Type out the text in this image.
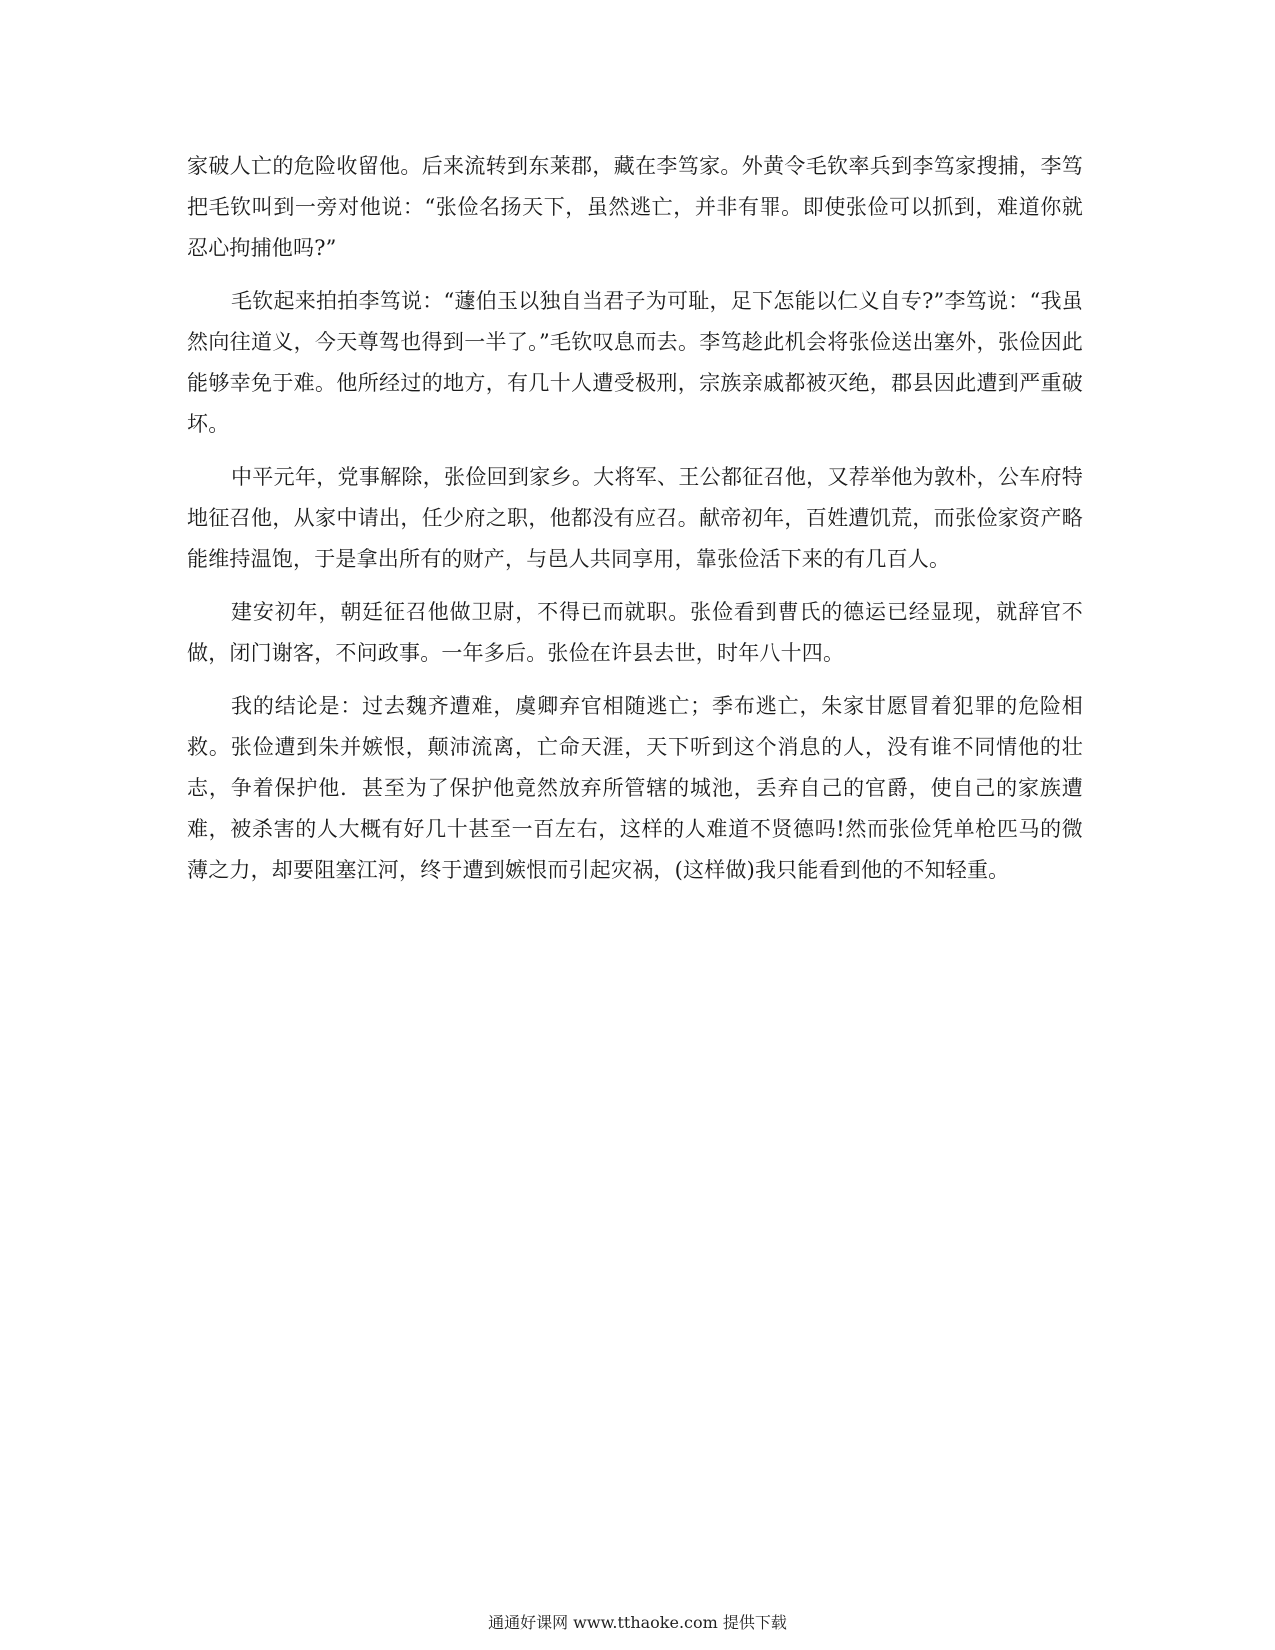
家破人亡的危险收留他。后来流转到东莱郡，藏在李笃家。外黄令毛钦率兵到李笃家搜捕，李笃把毛钦叫到一旁对他说：“张俭名扬天下，虽然逃亡，并非有罪。即使张俭可以抓到，难道你就忍心拘捕他吗?”

毛钦起来拍拍李笃说：“蘧伯玉以独自当君子为可耻，足下怎能以仁义自专?”李笃说：“我虽然向往道义，今天尊驾也得到一半了。”毛钦叹息而去。李笃趁此机会将张俭送出塞外，张俭因此能够幸免于难。他所经过的地方，有几十人遭受极刑，宗族亲戚都被灭绝，郡县因此遭到严重破坏。

中平元年，党事解除，张俭回到家乡。大将军、王公都征召他，又荐举他为敦朴，公车府特地征召他，从家中请出，任少府之职，他都没有应召。献帝初年，百姓遭饥荒，而张俭家资产略能维持温饱，于是拿出所有的财产，与邑人共同享用，靠张俭活下来的有几百人。

建安初年，朝廷征召他做卫尉，不得已而就职。张俭看到曹氏的德运已经显现，就辞官不做，闭门谢客，不问政事。一年多后。张俭在许县去世，时年八十四。

我的结论是：过去魏齐遭难，虞卿弃官相随逃亡；季布逃亡，朱家甘愿冒着犯罪的危险相救。张俭遭到朱并嫉恨，颠沛流离，亡命天涯，天下听到这个消息的人，没有谁不同情他的壮志，争着保护他．甚至为了保护他竟然放弃所管辖的城池，丢弃自己的官爵，使自己的家族遭难，被杀害的人大概有好几十甚至一百左右，这样的人难道不贤德吗!然而张俭凭单枪匹马的微薄之力，却要阻塞江河，终于遭到嫉恨而引起灾祸，(这样做)我只能看到他的不知轻重。

通通好课网 www.tthaoke.com 提供下载
